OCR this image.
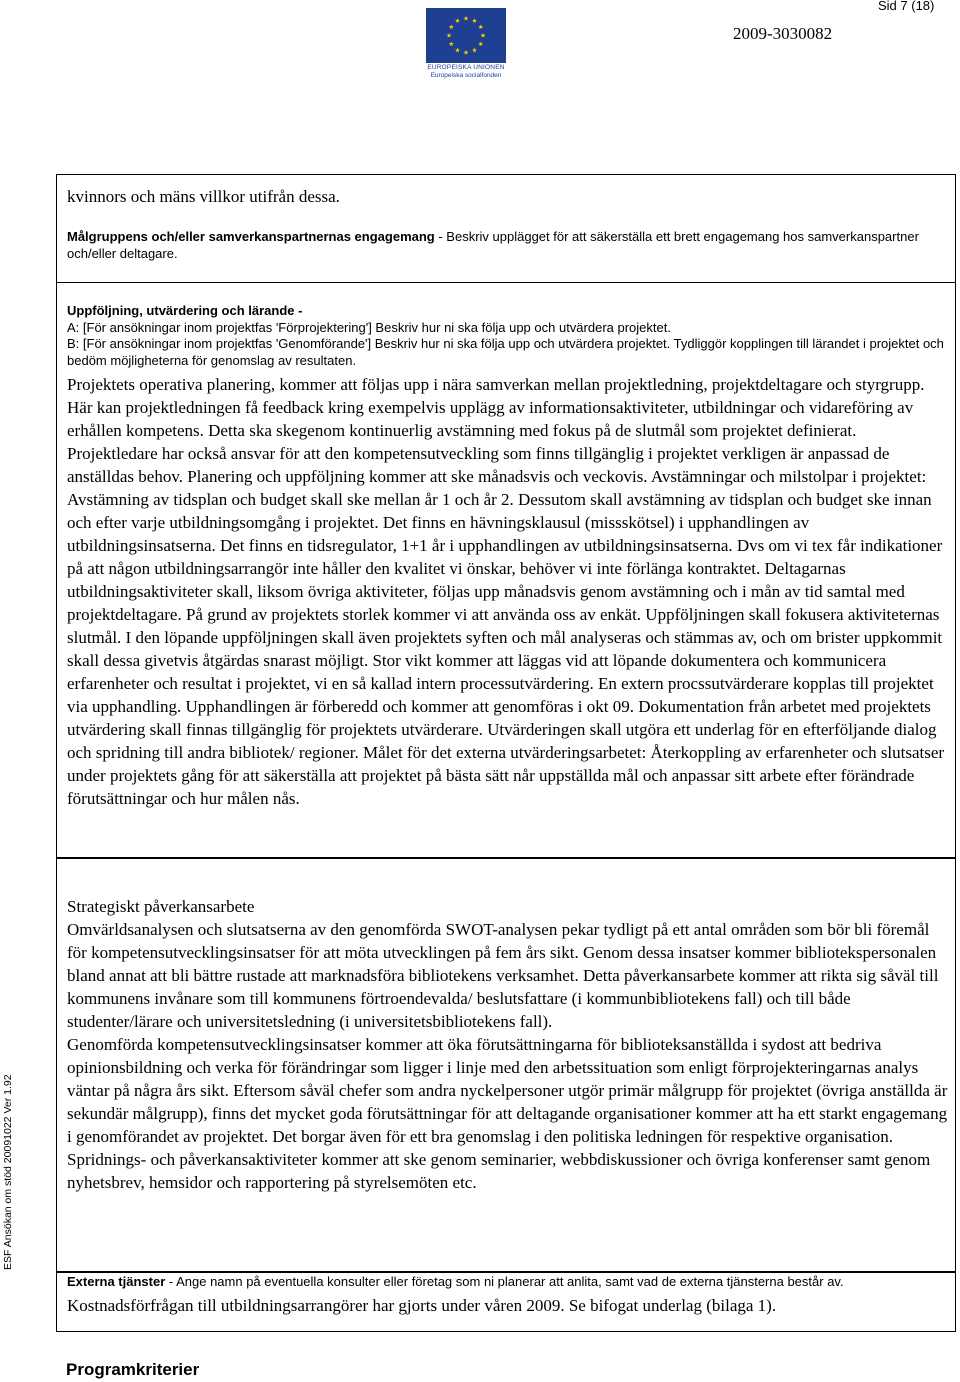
Sid 7 (18)
EUROPEISKA UNIONEN
Europeiska socialfonden
2009-3030082
ESF Ansökan om stöd 20091022 Ver 1.92
kvinnors och mäns villkor utifrån dessa.
Målgruppens och/eller samverkanspartnernas engagemang - Beskriv upplägget för att säkerställa ett brett engagemang hos samverkanspartner och/eller deltagare.
Uppföljning, utvärdering och lärande -
A: [För ansökningar inom projektfas 'Förprojektering'] Beskriv hur ni ska följa upp och utvärdera projektet.
B: [För ansökningar inom projektfas 'Genomförande'] Beskriv hur ni ska följa upp och utvärdera projektet. Tydliggör kopplingen till lärandet i projektet och bedöm möjligheterna för genomslag av resultaten.
Projektets operativa planering, kommer att följas upp i nära samverkan mellan projektledning, projektdeltagare och styrgrupp. Här kan projektledningen få feedback kring exempelvis upplägg av informationsaktiviteter, utbildningar och vidareföring av erhållen kompetens. Detta ska skegenom kontinuerlig avstämning med fokus på de slutmål som projektet definierat. Projektledare har också ansvar för att den kompetensutveckling som finns tillgänglig i projektet verkligen är anpassad de anställdas behov. Planering och uppföljning kommer att ske månadsvis och veckovis. Avstämningar och milstolpar i projektet: Avstämning av tidsplan och budget skall ske mellan år 1 och år 2. Dessutom skall avstämning av tidsplan och budget ske innan och efter varje utbildningsomgång i projektet. Det finns en hävningsklausul (missskötsel) i upphandlingen av utbildningsinsatserna. Det finns en tidsregulator, 1+1 år i upphandlingen av utbildningsinsatserna. Dvs om vi tex får indikationer på att någon utbildningsarrangör inte håller den kvalitet vi önskar, behöver vi inte förlänga kontraktet. Deltagarnas utbildningsaktiviteter skall, liksom övriga aktiviteter, följas upp månadsvis genom avstämning och i mån av tid samtal med projektdeltagare. På grund av projektets storlek kommer vi att använda oss av enkät. Uppföljningen skall fokusera aktiviteternas slutmål. I den löpande uppföljningen skall även projektets syften och mål analyseras och stämmas av, och om brister uppkommit skall dessa givetvis åtgärdas snarast möjligt. Stor vikt kommer att läggas vid att löpande dokumentera och kommunicera erfarenheter och resultat i projektet, vi en så kallad intern processutvärdering. En extern procssutvärderare kopplas till projektet via upphandling. Upphandlingen är förberedd och kommer att genomföras i okt 09. Dokumentation från arbetet med projektets utvärdering skall finnas tillgänglig för projektets utvärderare. Utvärderingen skall utgöra ett underlag för en efterföljande dialog och spridning till andra bibliotek/ regioner. Målet för det externa utvärderingsarbetet: Återkoppling av erfarenheter och slutsatser under projektets gång för att säkerställa att projektet på bästa sätt når uppställda mål och anpassar sitt arbete efter förändrade förutsättningar och hur målen nås.
Strategiskt påverkansarbete
Omvärldsanalysen och slutsatserna av den genomförda SWOT-analysen pekar tydligt på ett antal områden som bör bli föremål för kompetensutvecklingsinsatser för att möta utvecklingen på fem års sikt. Genom dessa insatser kommer bibliotekspersonalen bland annat att bli bättre rustade att marknadsföra bibliotekens verksamhet. Detta påverkansarbete kommer att rikta sig såväl till kommunens invånare som till kommunens förtroendevalda/ beslutsfattare (i kommunbibliotekens fall) och till både studenter/lärare och universitetsledning (i universitetsbibliotekens fall).
Genomförda kompetensutvecklingsinsatser kommer att öka förutsättningarna för biblioteksanställda i sydost att bedriva opinionsbildning och verka för förändringar som ligger i linje med den arbetssituation som enligt förprojekteringarnas analys väntar på några års sikt. Eftersom såväl chefer som andra nyckelpersoner utgör primär målgrupp för projektet (övriga anställda är sekundär målgrupp), finns det mycket goda förutsättningar för att deltagande organisationer kommer att ha ett starkt engagemang i genomförandet av projektet. Det borgar även för ett bra genomslag i den politiska ledningen för respektive organisation.
Spridnings- och påverkansaktiviteter kommer att ske genom seminarier, webbdiskussioner och övriga konferenser samt genom nyhetsbrev, hemsidor och rapportering på styrelsemöten etc.
Externa tjänster - Ange namn på eventuella konsulter eller företag som ni planerar att anlita, samt vad de externa tjänsterna består av.
Kostnadsförfrågan till utbildningsarrangörer har gjorts under våren 2009. Se bifogat underlag (bilaga 1).
Programkriterier
